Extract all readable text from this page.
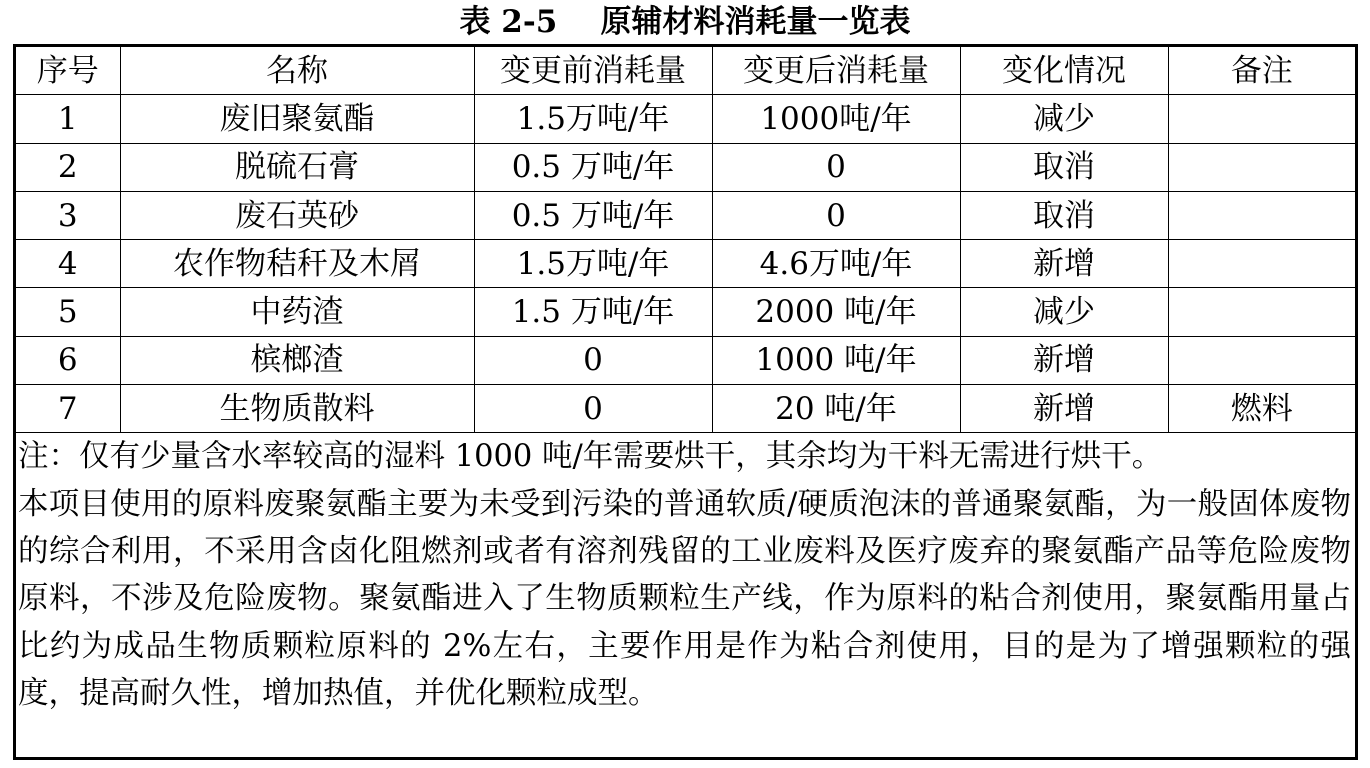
表 2-5    原辅材料消耗量一览表
序号	名称	变更前消耗量	变更后消耗量	变化情况	备注
1	废旧聚氨酯	1.5万吨/年	1000吨/年	减少	
2	脱硫石膏	0.5 万吨/年	0	取消	
3	废石英砂	0.5 万吨/年	0	取消	
4	农作物秸秆及木屑	1.5万吨/年	4.6万吨/年	新增	
5	中药渣	1.5 万吨/年	2000 吨/年	减少	
6	槟榔渣	0	1000 吨/年	新增	
7	生物质散料	0	20 吨/年	新增	燃料

注：仅有少量含水率较高的湿料 1000 吨/年需要烘干，其余均为干料无需进行烘干。

本项目使用的原料废聚氨酯主要为未受到污染的普通软质/硬质泡沫的普通聚氨酯，为一般固体废物的综合利用，不采用含卤化阻燃剂或者有溶剂残留的工业废料及医疗废弃的聚氨酯产品等危险废物原料，不涉及危险废物。聚氨酯进入了生物质颗粒生产线，作为原料的粘合剂使用，聚氨酯用量占比约为成品生物质颗粒原料的 2%左右，主要作用是作为粘合剂使用，目的是为了增强颗粒的强度，提高耐久性，增加热值，并优化颗粒成型。
